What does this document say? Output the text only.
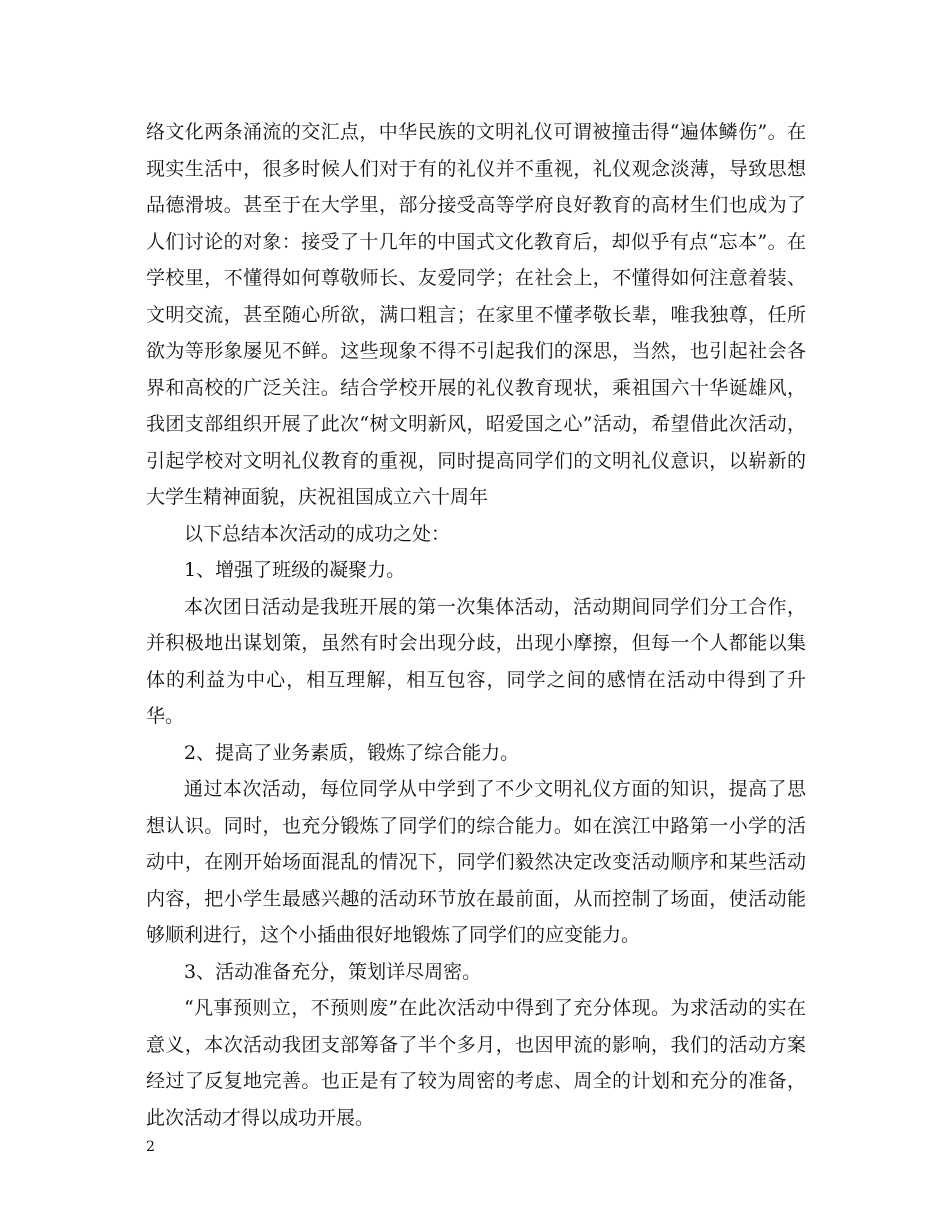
络文化两条涌流的交汇点，中华民族的文明礼仪可谓被撞击得“遍体鳞伤”。在现实生活中，很多时候人们对于有的礼仪并不重视，礼仪观念淡薄，导致思想品德滑坡。甚至于在大学里，部分接受高等学府良好教育的高材生们也成为了人们讨论的对象：接受了十几年的中国式文化教育后，却似乎有点“忘本”。在学校里，不懂得如何尊敬师长、友爱同学；在社会上，不懂得如何注意着装、文明交流，甚至随心所欲，满口粗言；在家里不懂孝敬长辈，唯我独尊，任所欲为等形象屡见不鲜。这些现象不得不引起我们的深思，当然，也引起社会各界和高校的广泛关注。结合学校开展的礼仪教育现状，乘祖国六十华诞雄风，我团支部组织开展了此次“树文明新风，昭爱国之心”活动，希望借此次活动，引起学校对文明礼仪教育的重视，同时提高同学们的文明礼仪意识，以崭新的大学生精神面貌，庆祝祖国成立六十周年

以下总结本次活动的成功之处：

1、增强了班级的凝聚力。

本次团日活动是我班开展的第一次集体活动，活动期间同学们分工合作，并积极地出谋划策，虽然有时会出现分歧，出现小摩擦，但每一个人都能以集体的利益为中心，相互理解，相互包容，同学之间的感情在活动中得到了升华。

2、提高了业务素质，锻炼了综合能力。

通过本次活动，每位同学从中学到了不少文明礼仪方面的知识，提高了思想认识。同时，也充分锻炼了同学们的综合能力。如在滨江中路第一小学的活动中，在刚开始场面混乱的情况下，同学们毅然决定改变活动顺序和某些活动内容，把小学生最感兴趣的活动环节放在最前面，从而控制了场面，使活动能够顺利进行，这个小插曲很好地锻炼了同学们的应变能力。

3、活动准备充分，策划详尽周密。

“凡事预则立，不预则废”在此次活动中得到了充分体现。为求活动的实在意义，本次活动我团支部筹备了半个多月，也因甲流的影响，我们的活动方案经过了反复地完善。也正是有了较为周密的考虑、周全的计划和充分的准备，此次活动才得以成功开展。

2
